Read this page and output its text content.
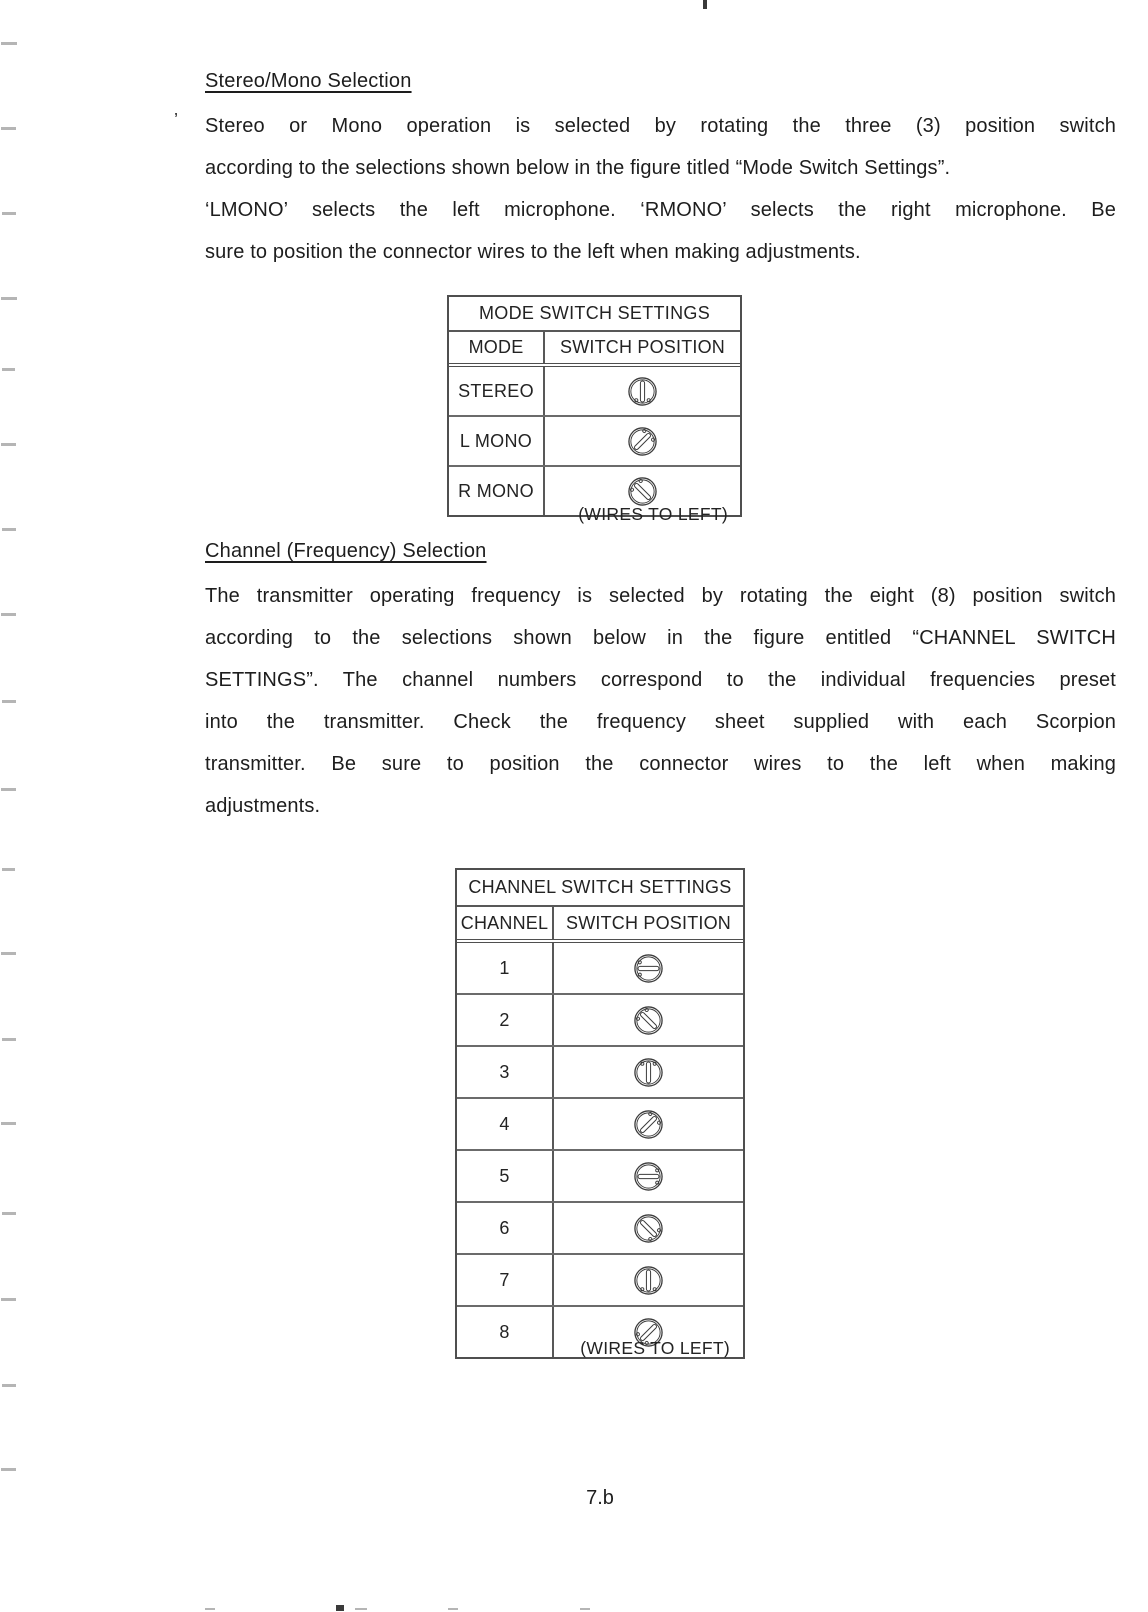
’
Stereo/Mono Selection
Stereo or Mono operation is selected by rotating the three (3) position switch
according to the selections shown below in the figure titled “Mode Switch Settings”.
‘LMONO’ selects the left microphone. ‘RMONO’ selects the right microphone. Be
sure to position the connector wires to the left when making adjustments.
MODE SWITCH SETTINGS
MODE	SWITCH POSITION
STEREO
L MONO
R MONO
(WIRES TO LEFT)
Channel (Frequency) Selection
The transmitter operating frequency is selected by rotating the eight (8) position switch
according to the selections shown below in the figure entitled “CHANNEL SWITCH
SETTINGS”. The channel numbers correspond to the individual frequencies preset
into the transmitter. Check the frequency sheet supplied with each Scorpion
transmitter. Be sure to position the connector wires to the left when making
adjustments.
CHANNEL SWITCH SETTINGS
CHANNEL SWITCH POSITION
1
2
3
4
5
6
7
8
(WIRES TO LEFT)
7.b
